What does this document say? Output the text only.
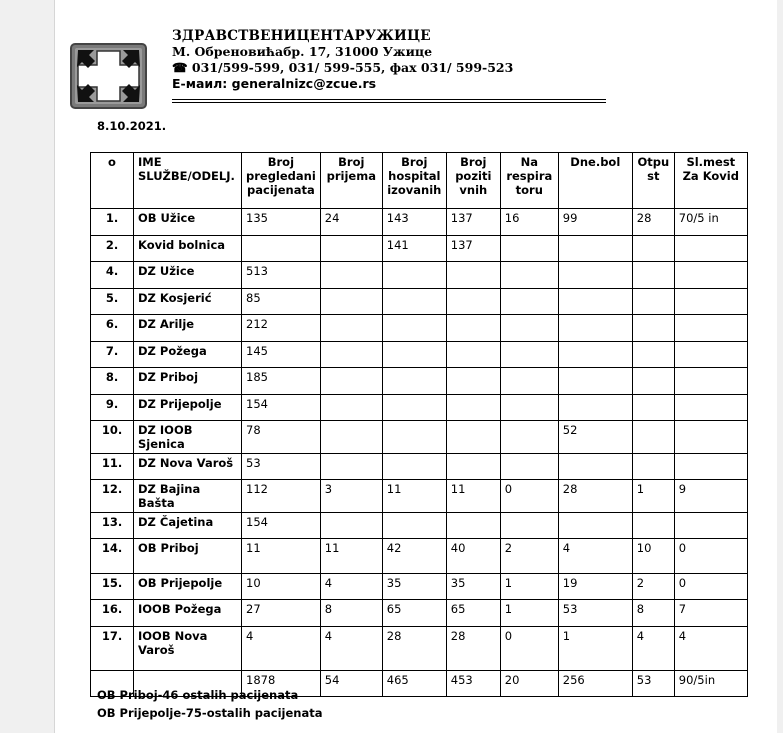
ЗДРАВСТВЕНИЦЕНТАРУЖИЦЕ
М. Обреновићабр. 17, 31000 Ужице
☎ 031/599-599, 031/ 599-555, фах 031/ 599-523
Е-маил: generalnizc@zcue.rs
8.10.2021.
o	IME SLUŽBE/ODELJ.	Broj pregledani pacijenata	Broj prijema	Broj hospital izovanih	Broj poziti vnih	Na respira toru	Dne.bol	Otpu st	Sl.mest Za Kovid
1.	OB Užice	135	24	143	137	16	99	28	70/5 in
2.	Kovid bolnica			141	137				
4.	DZ Užice	513							
5.	DZ Kosjerić	85							
6.	DZ Arilje	212							
7.	DZ Požega	145							
8.	DZ Priboj	185							
9.	DZ Prijepolje	154							
10.	DZ IOOB Sjenica	78					52		
11.	DZ Nova Varoš	53							
12.	DZ Bajina Bašta	112	3	11	11	0	28	1	9
13.	DZ Čajetina	154							
14.	OB Priboj	11	11	42	40	2	4	10	0
15.	OB Prijepolje	10	4	35	35	1	19	2	0
16.	IOOB Požega	27	8	65	65	1	53	8	7
17.	IOOB Nova Varoš	4	4	28	28	0	1	4	4
		1878	54	465	453	20	256	53	90/5in
OB Priboj-46 ostalih pacijenata
OB Prijepolje-75-ostalih pacijenata
